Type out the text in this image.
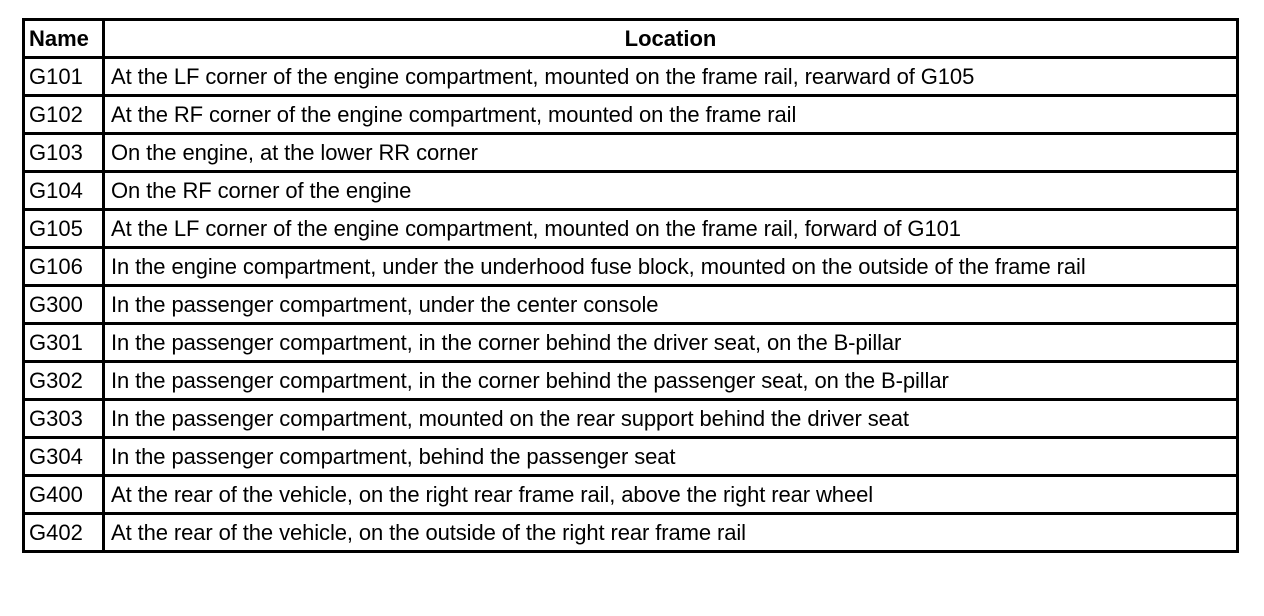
Name	Location
G101	At the LF corner of the engine compartment, mounted on the frame rail, rearward of G105
G102	At the RF corner of the engine compartment, mounted on the frame rail
G103	On the engine, at the lower RR corner
G104	On the RF corner of the engine
G105	At the LF corner of the engine compartment, mounted on the frame rail, forward of G101
G106	In the engine compartment, under the underhood fuse block, mounted on the outside of the frame rail
G300	In the passenger compartment, under the center console
G301	In the passenger compartment, in the corner behind the driver seat, on the B-pillar
G302	In the passenger compartment, in the corner behind the passenger seat, on the B-pillar
G303	In the passenger compartment, mounted on the rear support behind the driver seat
G304	In the passenger compartment, behind the passenger seat
G400	At the rear of the vehicle, on the right rear frame rail, above the right rear wheel
G402	At the rear of the vehicle, on the outside of the right rear frame rail
